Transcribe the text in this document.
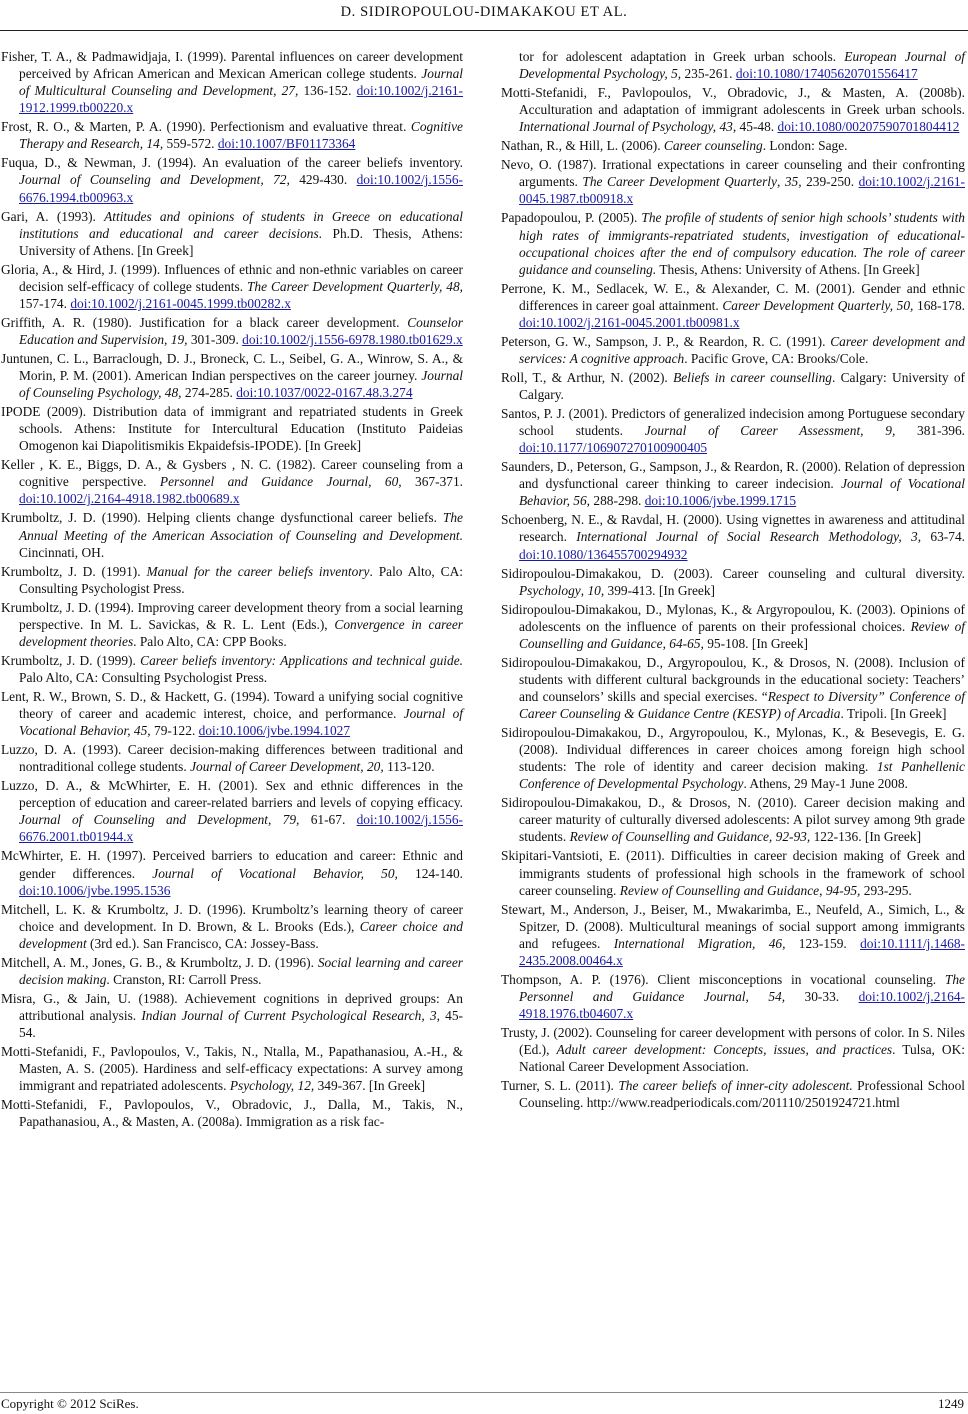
D. SIDIROPOULOU-DIMAKAKOU ET AL.

Fisher, T. A., & Padmawidjaja, I. (1999). Parental influences on career development perceived by African American and Mexican American college students. Journal of Multicultural Counseling and Development, 27, 136-152. doi:10.1002/j.2161-1912.1999.tb00220.x

Frost, R. O., & Marten, P. A. (1990). Perfectionism and evaluative threat. Cognitive Therapy and Research, 14, 559-572. doi:10.1007/BF01173364

Fuqua, D., & Newman, J. (1994). An evaluation of the career beliefs inventory. Journal of Counseling and Development, 72, 429-430. doi:10.1002/j.1556-6676.1994.tb00963.x

Gari, A. (1993). Attitudes and opinions of students in Greece on educational institutions and educational and career decisions. Ph.D. Thesis, Athens: University of Athens. [In Greek]

Gloria, A., & Hird, J. (1999). Influences of ethnic and non-ethnic variables on career decision self-efficacy of college students. The Career Development Quarterly, 48, 157-174. doi:10.1002/j.2161-0045.1999.tb00282.x

Griffith, A. R. (1980). Justification for a black career development. Counselor Education and Supervision, 19, 301-309. doi:10.1002/j.1556-6978.1980.tb01629.x

Juntunen, C. L., Barraclough, D. J., Broneck, C. L., Seibel, G. A., Winrow, S. A., & Morin, P. M. (2001). American Indian perspectives on the career journey. Journal of Counseling Psychology, 48, 274-285. doi:10.1037/0022-0167.48.3.274

IPODE (2009). Distribution data of immigrant and repatriated students in Greek schools. Athens: Institute for Intercultural Education (Instituto Paideias Omogenon kai Diapolitismikis Ekpaidefsis-IPODE). [In Greek]

Keller , K. E., Biggs, D. A., & Gysbers , N. C. (1982). Career counseling from a cognitive perspective. Personnel and Guidance Journal, 60, 367-371. doi:10.1002/j.2164-4918.1982.tb00689.x

Krumboltz, J. D. (1990). Helping clients change dysfunctional career beliefs. The Annual Meeting of the American Association of Counseling and Development. Cincinnati, OH.

Krumboltz, J. D. (1991). Manual for the career beliefs inventory. Palo Alto, CA: Consulting Psychologist Press.

Krumboltz, J. D. (1994). Improving career development theory from a social learning perspective. In M. L. Savickas, & R. L. Lent (Eds.), Convergence in career development theories. Palo Alto, CA: CPP Books.

Krumboltz, J. D. (1999). Career beliefs inventory: Applications and technical guide. Palo Alto, CA: Consulting Psychologist Press.

Lent, R. W., Brown, S. D., & Hackett, G. (1994). Toward a unifying social cognitive theory of career and academic interest, choice, and performance. Journal of Vocational Behavior, 45, 79-122. doi:10.1006/jvbe.1994.1027

Luzzo, D. A. (1993). Career decision-making differences between traditional and nontraditional college students. Journal of Career Development, 20, 113-120.

Luzzo, D. A., & McWhirter, E. H. (2001). Sex and ethnic differences in the perception of education and career-related barriers and levels of copying efficacy. Journal of Counseling and Development, 79, 61-67. doi:10.1002/j.1556-6676.2001.tb01944.x

McWhirter, E. H. (1997). Perceived barriers to education and career: Ethnic and gender differences. Journal of Vocational Behavior, 50, 124-140. doi:10.1006/jvbe.1995.1536

Mitchell, L. K. & Krumboltz, J. D. (1996). Krumboltz’s learning theory of career choice and development. In D. Brown, & L. Brooks (Eds.), Career choice and development (3rd ed.). San Francisco, CA: Jossey-Bass.

Mitchell, A. M., Jones, G. B., & Krumboltz, J. D. (1996). Social learning and career decision making. Cranston, RI: Carroll Press.

Misra, G., & Jain, U. (1988). Achievement cognitions in deprived groups: An attributional analysis. Indian Journal of Current Psychological Research, 3, 45-54.

Motti-Stefanidi, F., Pavlopoulos, V., Takis, N., Ntalla, M., Papathanasiou, A.-H., & Masten, A. S. (2005). Hardiness and self-efficacy expectations: A survey among immigrant and repatriated adolescents. Psychology, 12, 349-367. [In Greek]

Motti-Stefanidi, F., Pavlopoulos, V., Obradovic, J., Dalla, M., Takis, N., Papathanasiou, A., & Masten, A. (2008a). Immigration as a risk fac-

tor for adolescent adaptation in Greek urban schools. European Journal of Developmental Psychology, 5, 235-261. doi:10.1080/17405620701556417

Motti-Stefanidi, F., Pavlopoulos, V., Obradovic, J., & Masten, A. (2008b). Acculturation and adaptation of immigrant adolescents in Greek urban schools. International Journal of Psychology, 43, 45-48. doi:10.1080/00207590701804412

Nathan, R., & Hill, L. (2006). Career counseling. London: Sage.

Nevo, O. (1987). Irrational expectations in career counseling and their confronting arguments. The Career Development Quarterly, 35, 239-250. doi:10.1002/j.2161-0045.1987.tb00918.x

Papadopoulou, P. (2005). The profile of students of senior high schools’ students with high rates of immigrants-repatriated students, investigation of educational-occupational choices after the end of compulsory education. The role of career guidance and counseling. Thesis, Athens: University of Athens. [In Greek]

Perrone, K. M., Sedlacek, W. E., & Alexander, C. M. (2001). Gender and ethnic differences in career goal attainment. Career Development Quarterly, 50, 168-178. doi:10.1002/j.2161-0045.2001.tb00981.x

Peterson, G. W., Sampson, J. P., & Reardon, R. C. (1991). Career development and services: A cognitive approach. Pacific Grove, CA: Brooks/Cole.

Roll, T., & Arthur, N. (2002). Beliefs in career counselling. Calgary: University of Calgary.

Santos, P. J. (2001). Predictors of generalized indecision among Portuguese secondary school students. Journal of Career Assessment, 9, 381-396. doi:10.1177/106907270100900405

Saunders, D., Peterson, G., Sampson, J., & Reardon, R. (2000). Relation of depression and dysfunctional career thinking to career indecision. Journal of Vocational Behavior, 56, 288-298. doi:10.1006/jvbe.1999.1715

Schoenberg, N. E., & Ravdal, H. (2000). Using vignettes in awareness and attitudinal research. International Journal of Social Research Methodology, 3, 63-74. doi:10.1080/136455700294932

Sidiropoulou-Dimakakou, D. (2003). Career counseling and cultural diversity. Psychology, 10, 399-413. [In Greek]

Sidiropoulou-Dimakakou, D., Mylonas, K., & Argyropoulou, K. (2003). Opinions of adolescents on the influence of parents on their professional choices. Review of Counselling and Guidance, 64-65, 95-108. [In Greek]

Sidiropoulou-Dimakakou, D., Argyropoulou, K., & Drosos, N. (2008). Inclusion of students with different cultural backgrounds in the educational society: Teachers’ and counselors’ skills and special exercises. “Respect to Diversity” Conference of Career Counseling & Guidance Centre (KESYP) of Arcadia. Tripoli. [In Greek]

Sidiropoulou-Dimakakou, D., Argyropoulou, K., Mylonas, K., & Besevegis, E. G. (2008). Individual differences in career choices among foreign high school students: The role of identity and career decision making. 1st Panhellenic Conference of Developmental Psychology. Athens, 29 May-1 June 2008.

Sidiropoulou-Dimakakou, D., & Drosos, N. (2010). Career decision making and career maturity of culturally diversed adolescents: A pilot survey among 9th grade students. Review of Counselling and Guidance, 92-93, 122-136. [In Greek]

Skipitari-Vantsioti, E. (2011). Difficulties in career decision making of Greek and immigrants students of professional high schools in the framework of school career counseling. Review of Counselling and Guidance, 94-95, 293-295.

Stewart, M., Anderson, J., Beiser, M., Mwakarimba, E., Neufeld, A., Simich, L., & Spitzer, D. (2008). Multicultural meanings of social support among immigrants and refugees. International Migration, 46, 123-159. doi:10.1111/j.1468-2435.2008.00464.x

Thompson, A. P. (1976). Client misconceptions in vocational counseling. The Personnel and Guidance Journal, 54, 30-33. doi:10.1002/j.2164-4918.1976.tb04607.x

Trusty, J. (2002). Counseling for career development with persons of color. In S. Niles (Ed.), Adult career development: Concepts, issues, and practices. Tulsa, OK: National Career Development Association.

Turner, S. L. (2011). The career beliefs of inner-city adolescent. Professional School Counseling. http://www.readperiodicals.com/201110/2501924721.html

Copyright © 2012 SciRes.	1249
